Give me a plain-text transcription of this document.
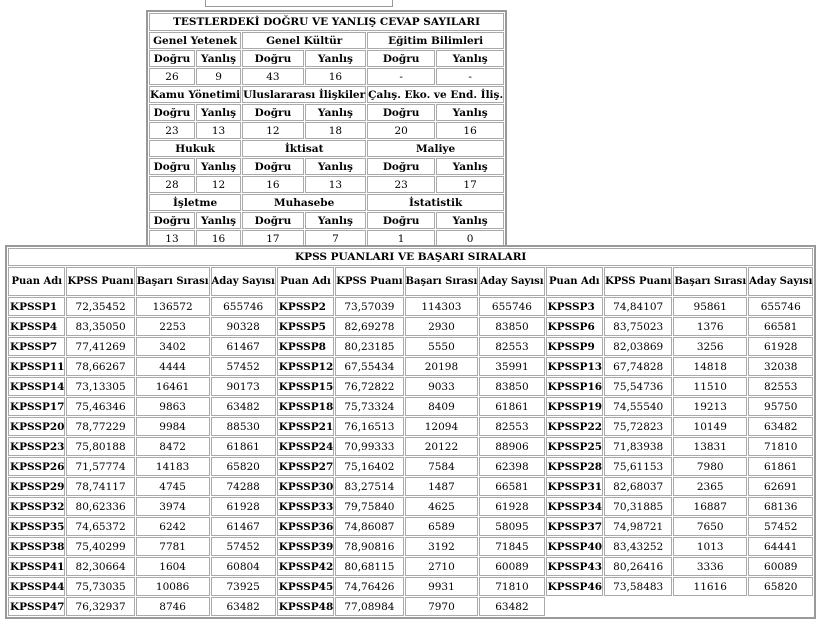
TESTLERDEKİ DOĞRU VE YANLIŞ CEVAP SAYILARI					
Genel Yetenek		Genel Kültür		Eğitim Bilimleri	
Doğru	Yanlış	Doğru	Yanlış	Doğru	Yanlış
26	9	43	16	-	-
Kamu Yönetimi		Uluslararası İlişkiler		Çalış. Eko. ve End. İliş.	
Doğru	Yanlış	Doğru	Yanlış	Doğru	Yanlış
23	13	12	18	20	16
Hukuk		İktisat		Maliye	
Doğru	Yanlış	Doğru	Yanlış	Doğru	Yanlış
28	12	16	13	23	17
İşletme		Muhasebe		İstatistik	
Doğru	Yanlış	Doğru	Yanlış	Doğru	Yanlış
13	16	17	7	1	0
KPSS PUANLARI VE BAŞARI SIRALARI											
Puan Adı	KPSS Puanı	Başarı Sırası	Aday Sayısı	Puan Adı	KPSS Puanı	Başarı Sırası	Aday Sayısı	Puan Adı	KPSS Puanı	Başarı Sırası	Aday Sayısı
KPSSP1	72,35452	136572	655746	KPSSP2	73,57039	114303	655746	KPSSP3	74,84107	95861	655746
KPSSP4	83,35050	2253	90328	KPSSP5	82,69278	2930	83850	KPSSP6	83,75023	1376	66581
KPSSP7	77,41269	3402	61467	KPSSP8	80,23185	5550	82553	KPSSP9	82,03869	3256	61928
KPSSP11	78,66267	4444	57452	KPSSP12	67,55434	20198	35991	KPSSP13	67,74828	14818	32038
KPSSP14	73,13305	16461	90173	KPSSP15	76,72822	9033	83850	KPSSP16	75,54736	11510	82553
KPSSP17	75,46346	9863	63482	KPSSP18	75,73324	8409	61861	KPSSP19	74,55540	19213	95750
KPSSP20	78,77229	9984	88530	KPSSP21	76,16513	12094	82553	KPSSP22	75,72823	10149	63482
KPSSP23	75,80188	8472	61861	KPSSP24	70,99333	20122	88906	KPSSP25	71,83938	13831	71810
KPSSP26	71,57774	14183	65820	KPSSP27	75,16402	7584	62398	KPSSP28	75,61153	7980	61861
KPSSP29	78,74117	4745	74288	KPSSP30	83,27514	1487	66581	KPSSP31	82,68037	2365	62691
KPSSP32	80,62336	3974	61928	KPSSP33	79,75840	4625	61928	KPSSP34	70,31885	16887	68136
KPSSP35	74,65372	6242	61467	KPSSP36	74,86087	6589	58095	KPSSP37	74,98721	7650	57452
KPSSP38	75,40299	7781	57452	KPSSP39	78,90816	3192	71845	KPSSP40	83,43252	1013	64441
KPSSP41	82,30664	1604	60804	KPSSP42	80,68115	2710	60089	KPSSP43	80,26416	3336	60089
KPSSP44	75,73035	10086	73925	KPSSP45	74,76426	9931	71810	KPSSP46	73,58483	11616	65820
KPSSP47	76,32937	8746	63482	KPSSP48	77,08984	7970	63482				
